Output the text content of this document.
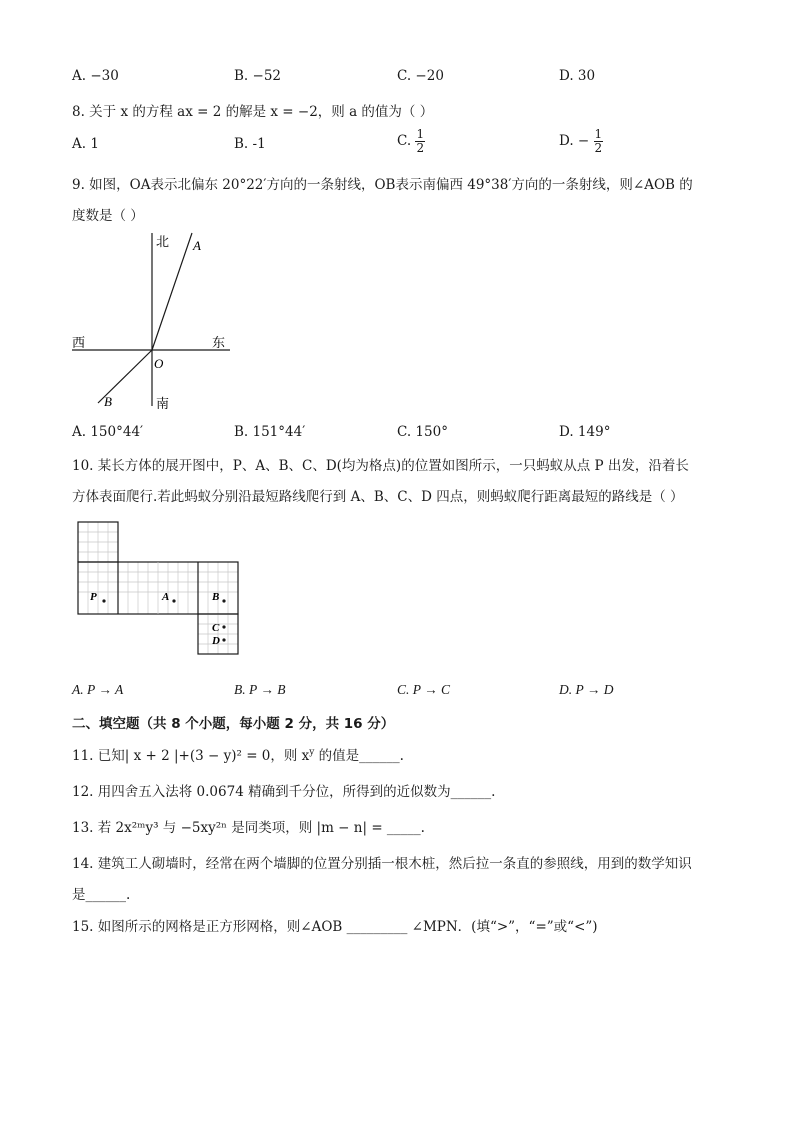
A. −30	B. −52	C. −20	D. 30
8. 关于 x 的方程 ax = 2 的解是 x = −2，则 a 的值为（ ）
A. 1	B. -1	C. $\frac{1}{2}$	D. − $\frac{1}{2}$
9. 如图，OA表示北偏东 20°22′方向的一条射线，OB表示南偏西 49°38′方向的一条射线，则∠AOB 的
度数是（ ）
北
南
西	东
A
B
O
A. 150°44′	B. 151°44′	C. 150°	D. 149°
10. 某长方体的展开图中，P、A、B、C、D(均为格点)的位置如图所示，一只蚂蚁从点 P 出发，沿着长
方体表面爬行.若此蚂蚁分别沿最短路线爬行到 A、B、C、D 四点，则蚂蚁爬行距离最短的路线是（ ）
P	A	B
C
D
A. P → A	B. P → B	C. P → C	D. P → D
二、填空题（共 8 个小题，每小题 2 分，共 16 分）
11. 已知| x + 2 |+(3 − y)² = 0，则 $x^y$ 的值是______.
12. 用四舍五入法将 0.0674 精确到千分位，所得到的近似数为______.
13. 若 2x²ᵐy³ 与 −5xy²ⁿ 是同类项，则 |m − n| = _____.
14. 建筑工人砌墙时，经常在两个墙脚的位置分别插一根木桩，然后拉一条直的参照线，用到的数学知识
是______.
15. 如图所示的网格是正方形网格，则∠AOB _________ ∠MPN．(填“>”，“=”或“<”)
